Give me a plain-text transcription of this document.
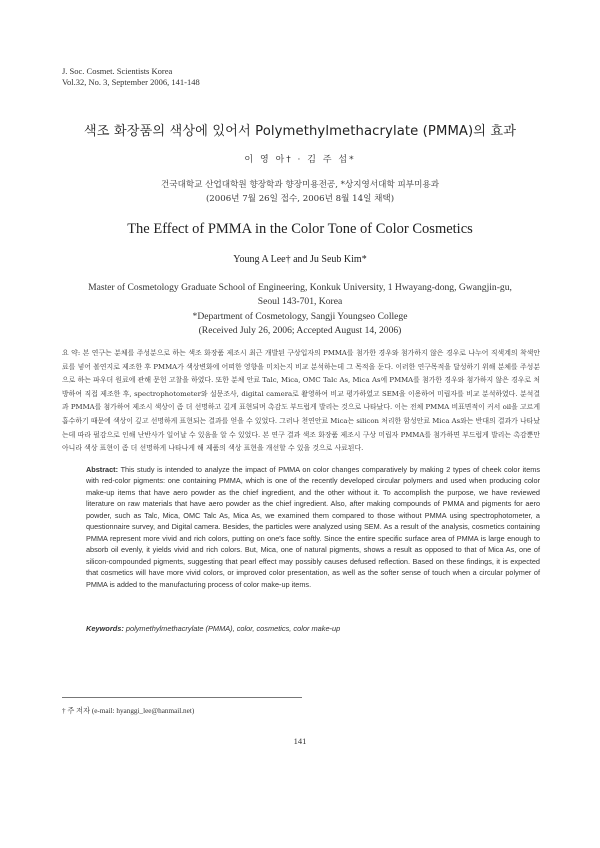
J. Soc. Cosmet. Scientists Korea
Vol.32, No. 3, September 2006, 141-148
색조 화장품의 색상에 있어서 Polymethylmethacrylate (PMMA)의 효과
이 영 아† · 김 주 섭*
건국대학교 산업대학원 향장학과 향장미용전공, *상지영서대학 피부미용과
(2006년 7월 26일 접수, 2006년 8월 14일 채택)
The Effect of PMMA in the Color Tone of Color Cosmetics
Young A Lee† and Ju Seub Kim*
Master of Cosmetology Graduate School of Engineering, Konkuk University, 1 Hwayang-dong, Gwangjin-gu,
Seoul 143-701, Korea
*Department of Cosmetology, Sangji Youngseo College
(Received July 26, 2006; Accepted August 14, 2006)
요 약: 본 연구는 분체를 주성분으로 하는 색조 화장품 제조시 최근 개발된 구상입자의 PMMA를 첨가한 경우와 첨가하지 않은 경우로 나누어 직색계의 착색안료를 넣어 볼연지로 제조한 후 PMMA가 색상변화에 어떠한 영향을 미치는지 비교 분석하는데 그 목적을 둔다. 이러한 연구목적을 달성하기 위해 분체를 주성분으로 하는 파우더 원료에 관해 문헌 고찰을 하였다. 또한 분체 안료 Talc, Mica, OMC Talc As, Mica As에 PMMA를 첨가한 경우와 첨가하지 않은 경우로 처방하여 직접 제조한 후, spectrophotometer와 설문조사, digital camera로 촬영하여 비교 평가하였고 SEM을 이용하여 미립자를 비교 분석하였다. 분석결과 PMMA를 첨가하여 제조시 색상이 좀 더 선명하고 깊게 표현되며 촉감도 부드럽게 발리는 것으로 나타났다. 이는 전체 PMMA 비표면적이 커서 oil을 고르게 흡수하기 때문에 색상이 깊고 선명하게 표현되는 결과를 얻을 수 있었다. 그러나 천연안료 Mica는 silicon 처리한 함성안료 Mica As와는 반대의 결과가 나타났는데 따라 펄감으로 인해 난반사가 일어날 수 있음을 알 수 있었다. 본 연구 결과 색조 화장품 제조시 구상 미립자 PMMA를 첨가하면 부드럽게 발리는 촉감뿐만 아니라 색상 표현이 좀 더 선명하게 나타나게 해 제품의 색상 표현을 개선할 수 있을 것으로 사료된다.
Abstract: This study is intended to analyze the impact of PMMA on color changes comparatively by making 2 types of cheek color items with red-color pigments: one containing PMMA, which is one of the recently developed circular polymers and used when producing color make-up items that have aero powder as the chief ingredient, and the other without it. To accomplish the purpose, we have reviewed literature on raw materials that have aero powder as the chief ingredient. Also, after making compounds of PMMA and pigments for aero powder, such as Talc, Mica, OMC Talc As, Mica As, we examined them compared to those without PMMA using spectrophotometer, a questionnaire survey, and Digital camera. Besides, the particles were analyzed using SEM. As a result of the analysis, cosmetics containing PMMA represent more vivid and rich colors, putting on one's face softly. Since the entire specific surface area of PMMA is large enough to absorb oil evenly, it yields vivid and rich colors. But, Mica, one of natural pigments, shows a result as opposed to that of Mica As, one of silicon-compounded pigments, suggesting that pearl effect may possibly causes defused reflection. Based on these findings, it is expected that cosmetics will have more vivid colors, or improved color presentation, as well as the softer sense of touch when a circular polymer of PMMA is added to the manufacturing process of color make-up items.
Keywords: polymethylmethacrylate (PMMA), color, cosmetics, color make-up
† 주 저자 (e-mail: hyanggi_lee@hanmail.net)
141
